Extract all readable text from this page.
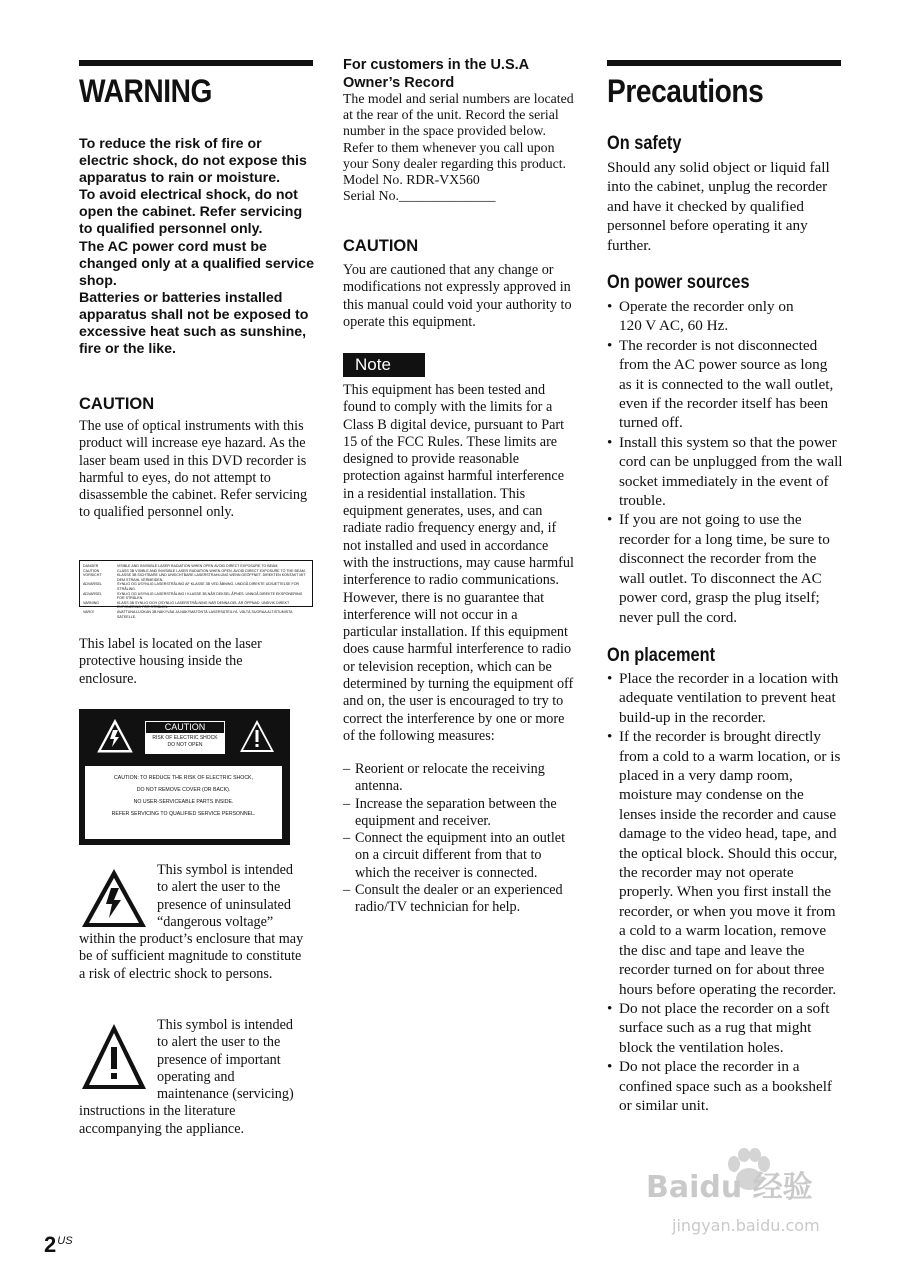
WARNING

To reduce the risk of fire or electric shock, do not expose this apparatus to rain or moisture.

To avoid electrical shock, do not open the cabinet. Refer servicing to qualified personnel only.

The AC power cord must be changed only at a qualified service shop.

Batteries or batteries installed apparatus shall not be exposed to excessive heat such as sunshine, fire or the like.

CAUTION

The use of optical instruments with this product will increase eye hazard. As the laser beam used in this DVD recorder is harmful to eyes, do not attempt to disassemble the cabinet. Refer servicing to qualified personnel only.

DANGER	VISIBLE AND INVISIBLE LASER RADIATION WHEN OPEN AVOID DIRECT EXPOSURE TO BEAM.
CAUTION	CLASS 3B VISIBLE AND INVISIBLE LASER RADIATION WHEN OPEN. AVOID DIRECT EXPOSURE TO THE BEAM.
VORSICHT	KLASSE 3B SICHTBARE UND UNSICHTBARE LASERSTRAHLUNG WENN GEÖFFNET. DIREKTEN KONTAKT MIT DEM STRAHL VERMEIDEN.
ADVARSEL	SYNLIG OG USYNLIG LASERSTRÅLING AF KLASSE 3B VED ÅBNING. UNDGÅ DIREKTE UDSÆTTELSE FOR STRÅLING.
ADVARSEL	SYNLIG OG USYNLIG LASERSTRÅLING I KLASSE 3B NÅR DEKSEL ÅPNES. UNNGÅ DIREKTE EKSPONERING FOR STRÅLEN.
VARNING	KLASS 3B SYNLIG OCH OSYNLIG LASERSTRÅLNING NÄR DENNA DEL ÄR ÖPPNAD. UNDVIK DIREKT EXPONERING FÖR STRÅLEN.
VARO!	AVATTUNA LUOKAN 3B NÄKYVÄÄ JA NÄKYMÄTÖNTÄ LASERSÄTEILYÄ. VÄLTÄ SUORAA ALTISTUMISTA SÄTEELLE.

This label is located on the laser protective housing inside the enclosure.

CAUTION
RISK OF ELECTRIC SHOCK
DO NOT OPEN
CAUTION: TO REDUCE THE RISK OF ELECTRIC SHOCK,
DO NOT REMOVE COVER (OR BACK).
NO USER-SERVICEABLE PARTS INSIDE.
REFER SERVICING TO QUALIFIED SERVICE PERSONNEL.

This symbol is intended to alert the user to the presence of uninsulated “dangerous voltage” within the product’s enclosure that may be of sufficient magnitude to constitute a risk of electric shock to persons.

This symbol is intended to alert the user to the presence of important operating and maintenance (servicing) instructions in the literature accompanying the appliance.

For customers in the U.S.A
Owner’s Record

The model and serial numbers are located at the rear of the unit. Record the serial number in the space provided below. Refer to them whenever you call upon your Sony dealer regarding this product.

Model No. RDR-VX560

Serial No.______________

CAUTION

You are cautioned that any change or modifications not expressly approved in this manual could void your authority to operate this equipment.

Note

This equipment has been tested and found to comply with the limits for a Class B digital device, pursuant to Part 15 of the FCC Rules. These limits are designed to provide reasonable protection against harmful interference in a residential installation. This equipment generates, uses, and can radiate radio frequency energy and, if not installed and used in accordance with the instructions, may cause harmful interference to radio communications. However, there is no guarantee that interference will not occur in a particular installation. If this equipment does cause harmful interference to radio or television reception, which can be determined by turning the equipment off and on, the user is encouraged to try to correct the interference by one or more of the following measures:

– Reorient or relocate the receiving antenna.
– Increase the separation between the equipment and receiver.
– Connect the equipment into an outlet on a circuit different from that to which the receiver is connected.
– Consult the dealer or an experienced radio/TV technician for help.
Precautions
On safety

Should any solid object or liquid fall into the cabinet, unplug the recorder and have it checked by qualified personnel before operating it any further.

On power sources
• Operate the recorder only on 120 V AC, 60 Hz.
• The recorder is not disconnected from the AC power source as long as it is connected to the wall outlet, even if the recorder itself has been turned off.
• Install this system so that the power cord can be unplugged from the wall socket immediately in the event of trouble.
• If you are not going to use the recorder for a long time, be sure to disconnect the recorder from the wall outlet. To disconnect the AC power cord, grasp the plug itself; never pull the cord.
On placement
• Place the recorder in a location with adequate ventilation to prevent heat build-up in the recorder.
• If the recorder is brought directly from a cold to a warm location, or is placed in a very damp room, moisture may condense on the lenses inside the recorder and cause damage to the video head, tape, and the optical block. Should this occur, the recorder may not operate properly. When you first install the recorder, or when you move it from a cold to a warm location, remove the disc and tape and leave the recorder turned on for about three hours before operating the recorder.
• Do not place the recorder on a soft surface such as a rug that might block the ventilation holes.
• Do not place the recorder in a confined space such as a bookshelf or similar unit.
$2^{US}$
Baidu 经验
jingyan.baidu.com
